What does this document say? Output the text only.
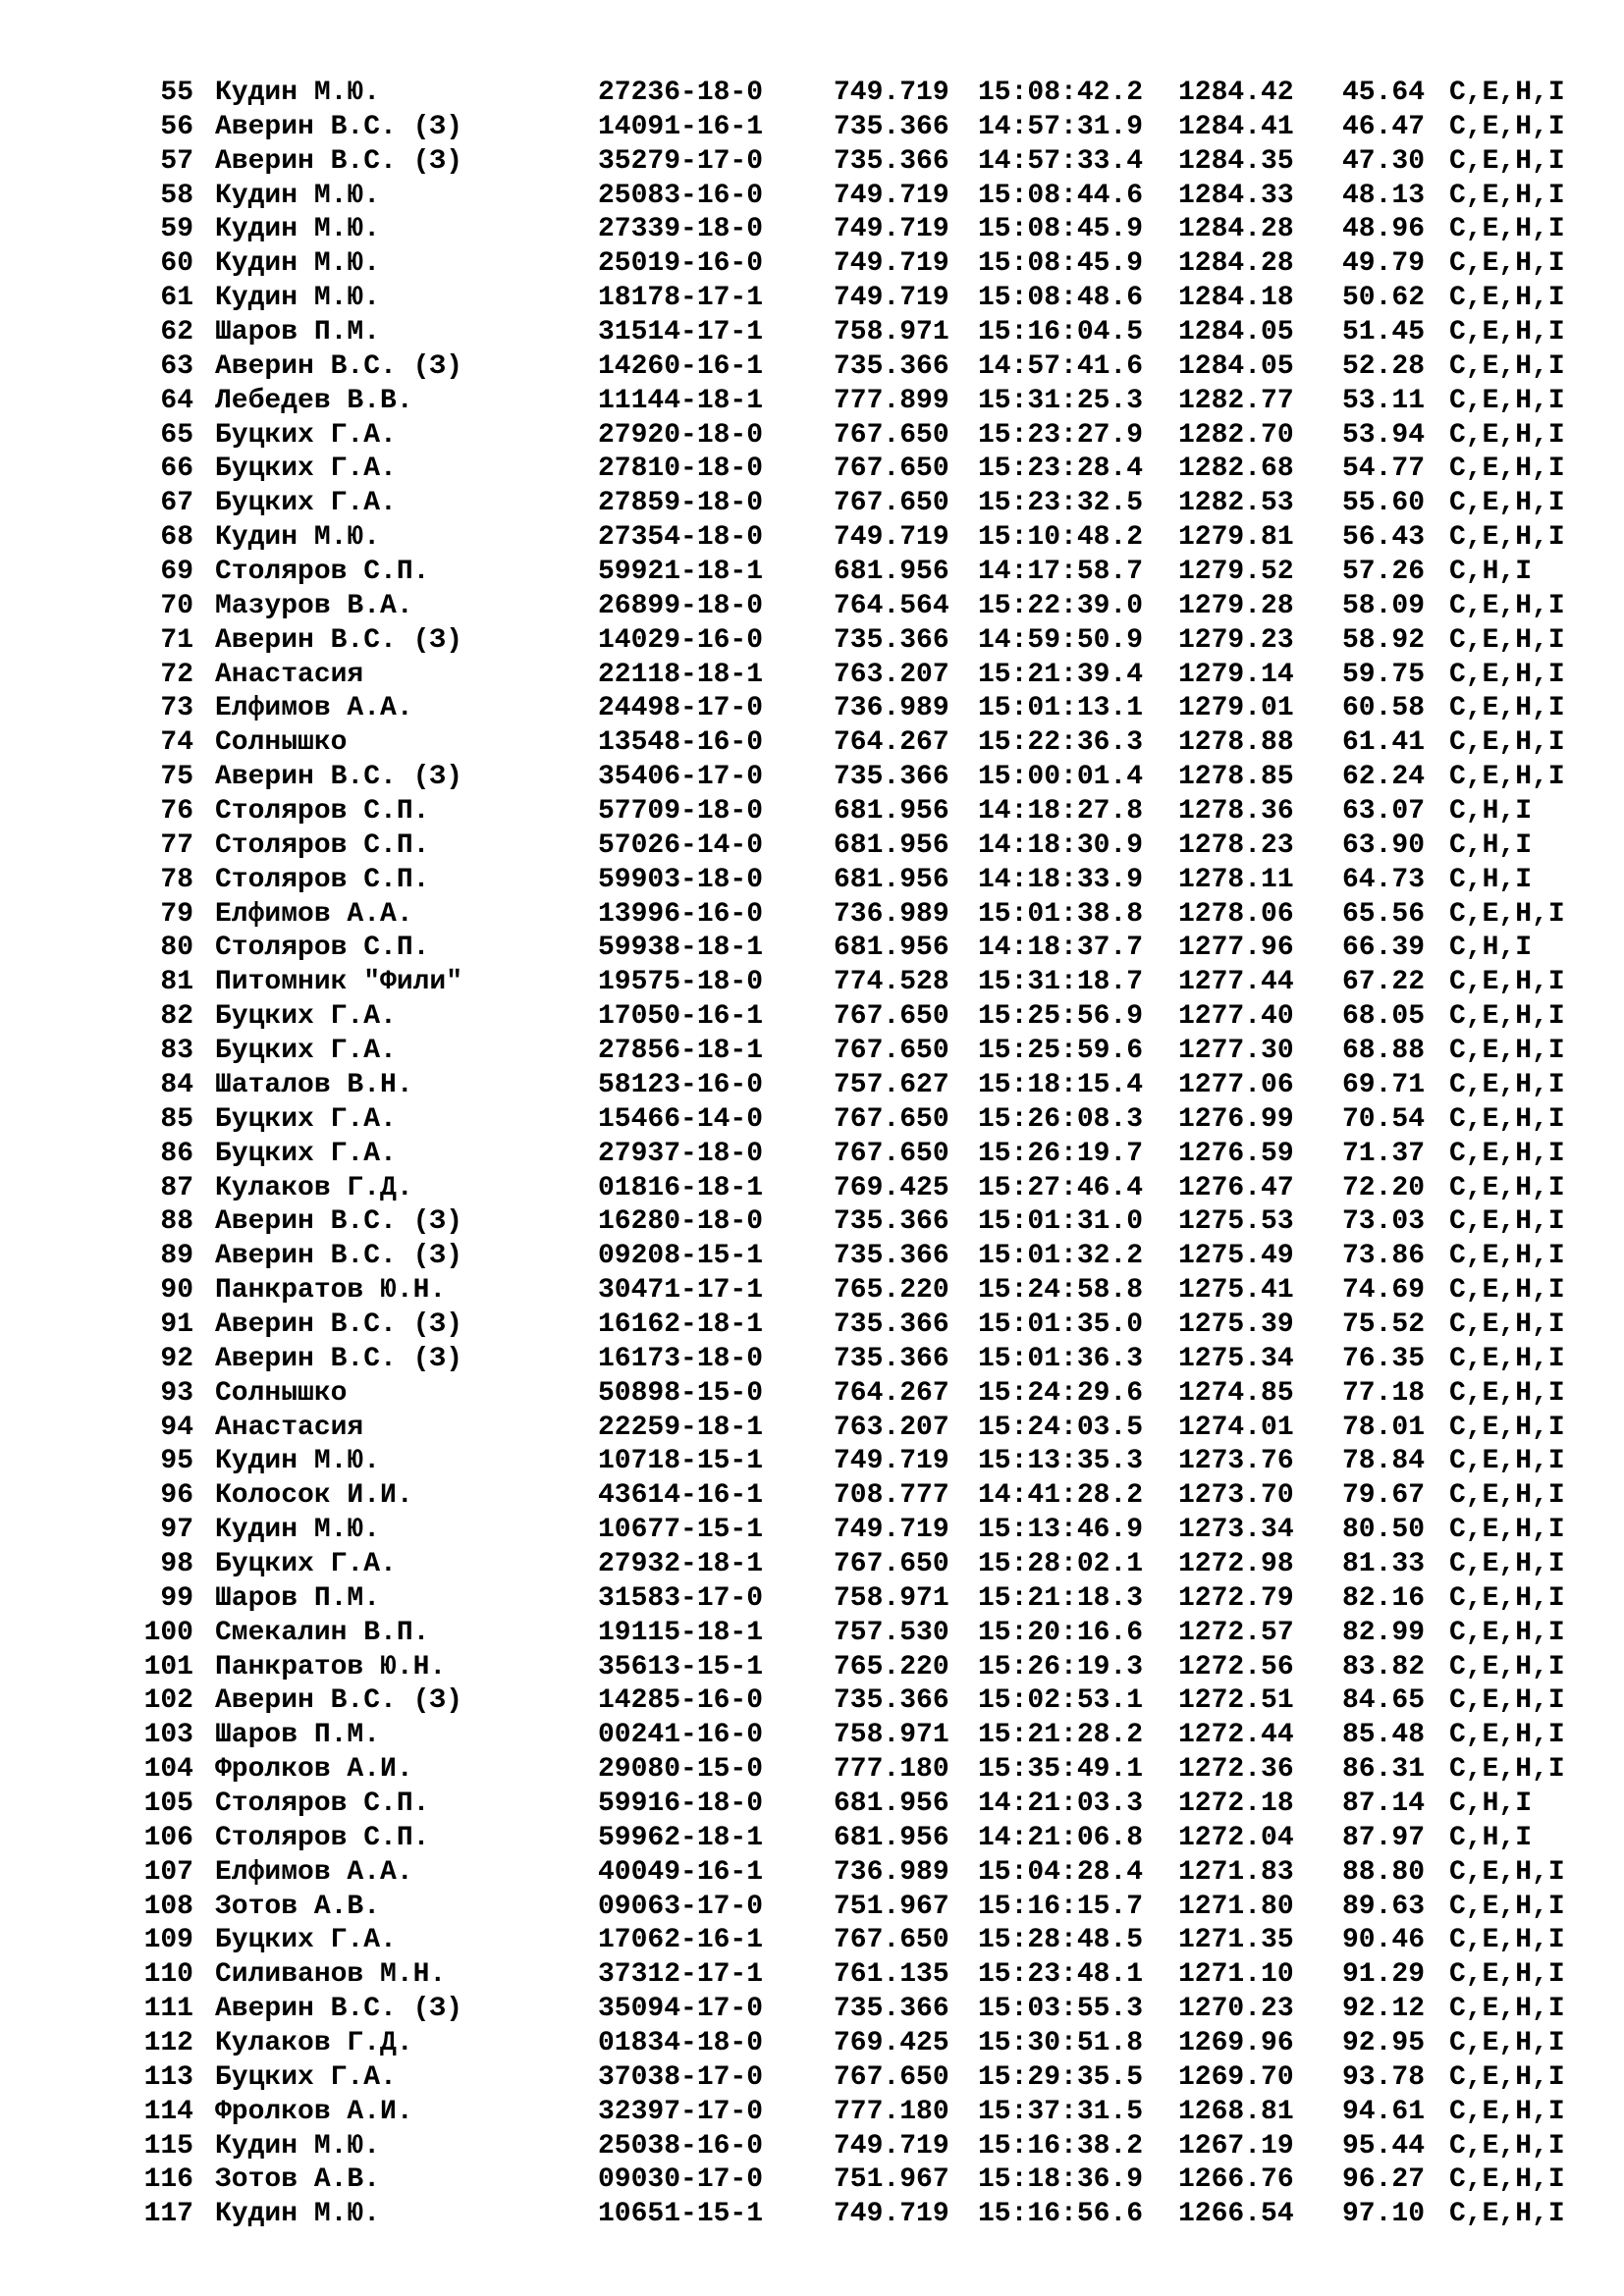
55 Кудин М.Ю.	27236-18-0	749.719 15:08:42.2 1284.42 45.64 C,E,H,I
56 Аверин В.С. (З)	14091-16-1	735.366 14:57:31.9 1284.41 46.47 C,E,H,I
57 Аверин В.С. (З)	35279-17-0	735.366 14:57:33.4 1284.35 47.30 C,E,H,I
58 Кудин М.Ю.	25083-16-0	749.719 15:08:44.6 1284.33 48.13 C,E,H,I
59 Кудин М.Ю.	27339-18-0	749.719 15:08:45.9 1284.28 48.96 C,E,H,I
60 Кудин М.Ю.	25019-16-0	749.719 15:08:45.9 1284.28 49.79 C,E,H,I
61 Кудин М.Ю.	18178-17-1	749.719 15:08:48.6 1284.18 50.62 C,E,H,I
62 Шаров П.М.	31514-17-1	758.971 15:16:04.5 1284.05 51.45 C,E,H,I
63 Аверин В.С. (З)	14260-16-1	735.366 14:57:41.6 1284.05 52.28 C,E,H,I
64 Лебедев В.В.	11144-18-1	777.899 15:31:25.3 1282.77 53.11 C,E,H,I
65 Буцких Г.А.	27920-18-0	767.650 15:23:27.9 1282.70 53.94 C,E,H,I
66 Буцких Г.А.	27810-18-0	767.650 15:23:28.4 1282.68 54.77 C,E,H,I
67 Буцких Г.А.	27859-18-0	767.650 15:23:32.5 1282.53 55.60 C,E,H,I
68 Кудин М.Ю.	27354-18-0	749.719 15:10:48.2 1279.81 56.43 C,E,H,I
69 Столяров С.П.	59921-18-1	681.956 14:17:58.7 1279.52 57.26 C,H,I
70 Мазуров В.А.	26899-18-0	764.564 15:22:39.0 1279.28 58.09 C,E,H,I
71 Аверин В.С. (З)	14029-16-0	735.366 14:59:50.9 1279.23 58.92 C,E,H,I
72 Анастасия	22118-18-1	763.207 15:21:39.4 1279.14 59.75 C,E,H,I
73 Елфимов А.А.	24498-17-0	736.989 15:01:13.1 1279.01 60.58 C,E,H,I
74 Солнышко	13548-16-0	764.267 15:22:36.3 1278.88 61.41 C,E,H,I
75 Аверин В.С. (З)	35406-17-0	735.366 15:00:01.4 1278.85 62.24 C,E,H,I
76 Столяров С.П.	57709-18-0	681.956 14:18:27.8 1278.36 63.07 C,H,I
77 Столяров С.П.	57026-14-0	681.956 14:18:30.9 1278.23 63.90 C,H,I
78 Столяров С.П.	59903-18-0	681.956 14:18:33.9 1278.11 64.73 C,H,I
79 Елфимов А.А.	13996-16-0	736.989 15:01:38.8 1278.06 65.56 C,E,H,I
80 Столяров С.П.	59938-18-1	681.956 14:18:37.7 1277.96 66.39 C,H,I
81 Питомник "Фили"	19575-18-0	774.528 15:31:18.7 1277.44 67.22 C,E,H,I
82 Буцких Г.А.	17050-16-1	767.650 15:25:56.9 1277.40 68.05 C,E,H,I
83 Буцких Г.А.	27856-18-1	767.650 15:25:59.6 1277.30 68.88 C,E,H,I
84 Шаталов В.Н.	58123-16-0	757.627 15:18:15.4 1277.06 69.71 C,E,H,I
85 Буцких Г.А.	15466-14-0	767.650 15:26:08.3 1276.99 70.54 C,E,H,I
86 Буцких Г.А.	27937-18-0	767.650 15:26:19.7 1276.59 71.37 C,E,H,I
87 Кулаков Г.Д.	01816-18-1	769.425 15:27:46.4 1276.47 72.20 C,E,H,I
88 Аверин В.С. (З)	16280-18-0	735.366 15:01:31.0 1275.53 73.03 C,E,H,I
89 Аверин В.С. (З)	09208-15-1	735.366 15:01:32.2 1275.49 73.86 C,E,H,I
90 Панкратов Ю.Н.	30471-17-1	765.220 15:24:58.8 1275.41 74.69 C,E,H,I
91 Аверин В.С. (З)	16162-18-1	735.366 15:01:35.0 1275.39 75.52 C,E,H,I
92 Аверин В.С. (З)	16173-18-0	735.366 15:01:36.3 1275.34 76.35 C,E,H,I
93 Солнышко	50898-15-0	764.267 15:24:29.6 1274.85 77.18 C,E,H,I
94 Анастасия	22259-18-1	763.207 15:24:03.5 1274.01 78.01 C,E,H,I
95 Кудин М.Ю.	10718-15-1	749.719 15:13:35.3 1273.76 78.84 C,E,H,I
96 Колосок И.И.	43614-16-1	708.777 14:41:28.2 1273.70 79.67 C,E,H,I
97 Кудин М.Ю.	10677-15-1	749.719 15:13:46.9 1273.34 80.50 C,E,H,I
98 Буцких Г.А.	27932-18-1	767.650 15:28:02.1 1272.98 81.33 C,E,H,I
99 Шаров П.М.	31583-17-0	758.971 15:21:18.3 1272.79 82.16 C,E,H,I
100 Смекалин В.П.	19115-18-1	757.530 15:20:16.6 1272.57 82.99 C,E,H,I
101 Панкратов Ю.Н.	35613-15-1	765.220 15:26:19.3 1272.56 83.82 C,E,H,I
102 Аверин В.С. (З)	14285-16-0	735.366 15:02:53.1 1272.51 84.65 C,E,H,I
103 Шаров П.М.	00241-16-0	758.971 15:21:28.2 1272.44 85.48 C,E,H,I
104 Фролков А.И.	29080-15-0	777.180 15:35:49.1 1272.36 86.31 C,E,H,I
105 Столяров С.П.	59916-18-0	681.956 14:21:03.3 1272.18 87.14 C,H,I
106 Столяров С.П.	59962-18-1	681.956 14:21:06.8 1272.04 87.97 C,H,I
107 Елфимов А.А.	40049-16-1	736.989 15:04:28.4 1271.83 88.80 C,E,H,I
108 Зотов А.В.	09063-17-0	751.967 15:16:15.7 1271.80 89.63 C,E,H,I
109 Буцких Г.А.	17062-16-1	767.650 15:28:48.5 1271.35 90.46 C,E,H,I
110 Силиванов М.Н.	37312-17-1	761.135 15:23:48.1 1271.10 91.29 C,E,H,I
111 Аверин В.С. (З)	35094-17-0	735.366 15:03:55.3 1270.23 92.12 C,E,H,I
112 Кулаков Г.Д.	01834-18-0	769.425 15:30:51.8 1269.96 92.95 C,E,H,I
113 Буцких Г.А.	37038-17-0	767.650 15:29:35.5 1269.70 93.78 C,E,H,I
114 Фролков А.И.	32397-17-0	777.180 15:37:31.5 1268.81 94.61 C,E,H,I
115 Кудин М.Ю.	25038-16-0	749.719 15:16:38.2 1267.19 95.44 C,E,H,I
116 Зотов А.В.	09030-17-0	751.967 15:18:36.9 1266.76 96.27 C,E,H,I
117 Кудин М.Ю.	10651-15-1	749.719 15:16:56.6 1266.54 97.10 C,E,H,I
